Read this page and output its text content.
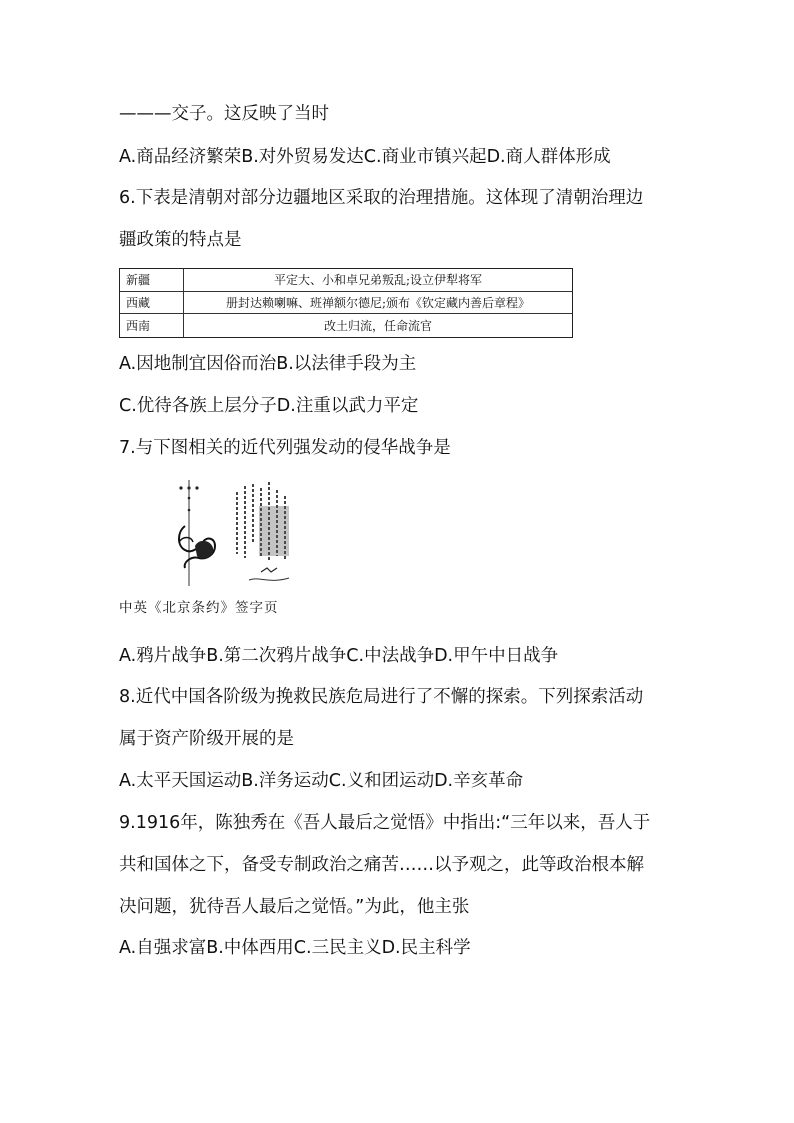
———交子。这反映了当时
A.商品经济繁荣B.对外贸易发达C.商业市镇兴起D.商人群体形成
6.下表是清朝对部分边疆地区采取的治理措施。这体现了清朝治理边
疆政策的特点是
新疆	平定大、小和卓兄弟叛乱;设立伊犁将军
西藏	册封达赖喇嘛、班禅额尔德尼;颁布《钦定藏内善后章程》
西南	改土归流，任命流官
A.因地制宜因俗而治B.以法律手段为主
C.优待各族上层分子D.注重以武力平定
7.与下图相关的近代列强发动的侵华战争是
中英《北京条约》签字页
A.鸦片战争B.第二次鸦片战争C.中法战争D.甲午中日战争
8.近代中国各阶级为挽救民族危局进行了不懈的探索。下列探索活动
属于资产阶级开展的是
A.太平天国运动B.洋务运动C.义和团运动D.辛亥革命
9.1916年，陈独秀在《吾人最后之觉悟》中指出:“三年以来，吾人于
共和国体之下，备受专制政治之痛苦……以予观之，此等政治根本解
决问题，犹待吾人最后之觉悟。”为此，他主张
A.自强求富B.中体西用C.三民主义D.民主科学
